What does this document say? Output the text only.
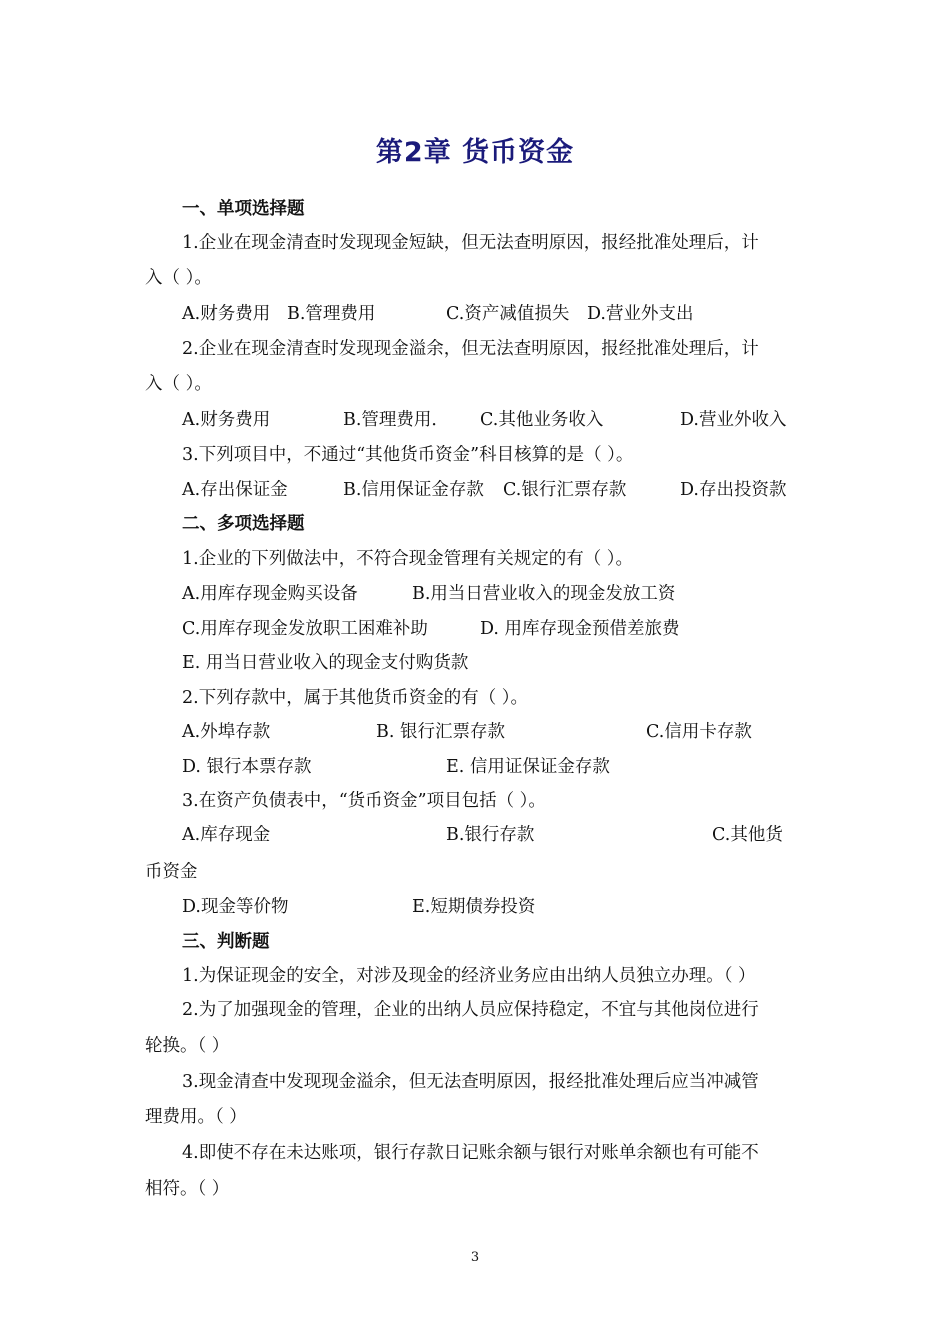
第2章 货币资金
一、单项选择题
1.企业在现金清查时发现现金短缺，但无法查明原因，报经批准处理后，计
入（ ）。
A.财务费用 B.管理费用	C.资产减值损失 D.营业外支出
2.企业在现金清查时发现现金溢余，但无法查明原因，报经批准处理后，计
入（ ）。
A.财务费用	B.管理费用． C.其他业务收入	D.营业外收入
3.下列项目中，不通过“其他货币资金”科目核算的是（ ）。
A.存出保证金	B.信用保证金存款 C.银行汇票存款	D.存出投资款
二、多项选择题
1.企业的下列做法中，不符合现金管理有关规定的有（ ）。
A.用库存现金购买设备	B.用当日营业收入的现金发放工资
C.用库存现金发放职工困难补助	D. 用库存现金预借差旅费
E. 用当日营业收入的现金支付购货款
2.下列存款中，属于其他货币资金的有（ ）。
A.外埠存款	B. 银行汇票存款	C.信用卡存款
D. 银行本票存款	E. 信用证保证金存款
3.在资产负债表中，“货币资金”项目包括（ ）。
A.库存现金	B.银行存款	C.其他货
币资金
D.现金等价物	E.短期债券投资
三、判断题
1.为保证现金的安全，对涉及现金的经济业务应由出纳人员独立办理。（ ）
2.为了加强现金的管理，企业的出纳人员应保持稳定，不宜与其他岗位进行
轮换。（ ）
3.现金清查中发现现金溢余，但无法查明原因，报经批准处理后应当冲减管
理费用。（ ）
4.即使不存在未达账项，银行存款日记账余额与银行对账单余额也有可能不
相符。（ ）
3
